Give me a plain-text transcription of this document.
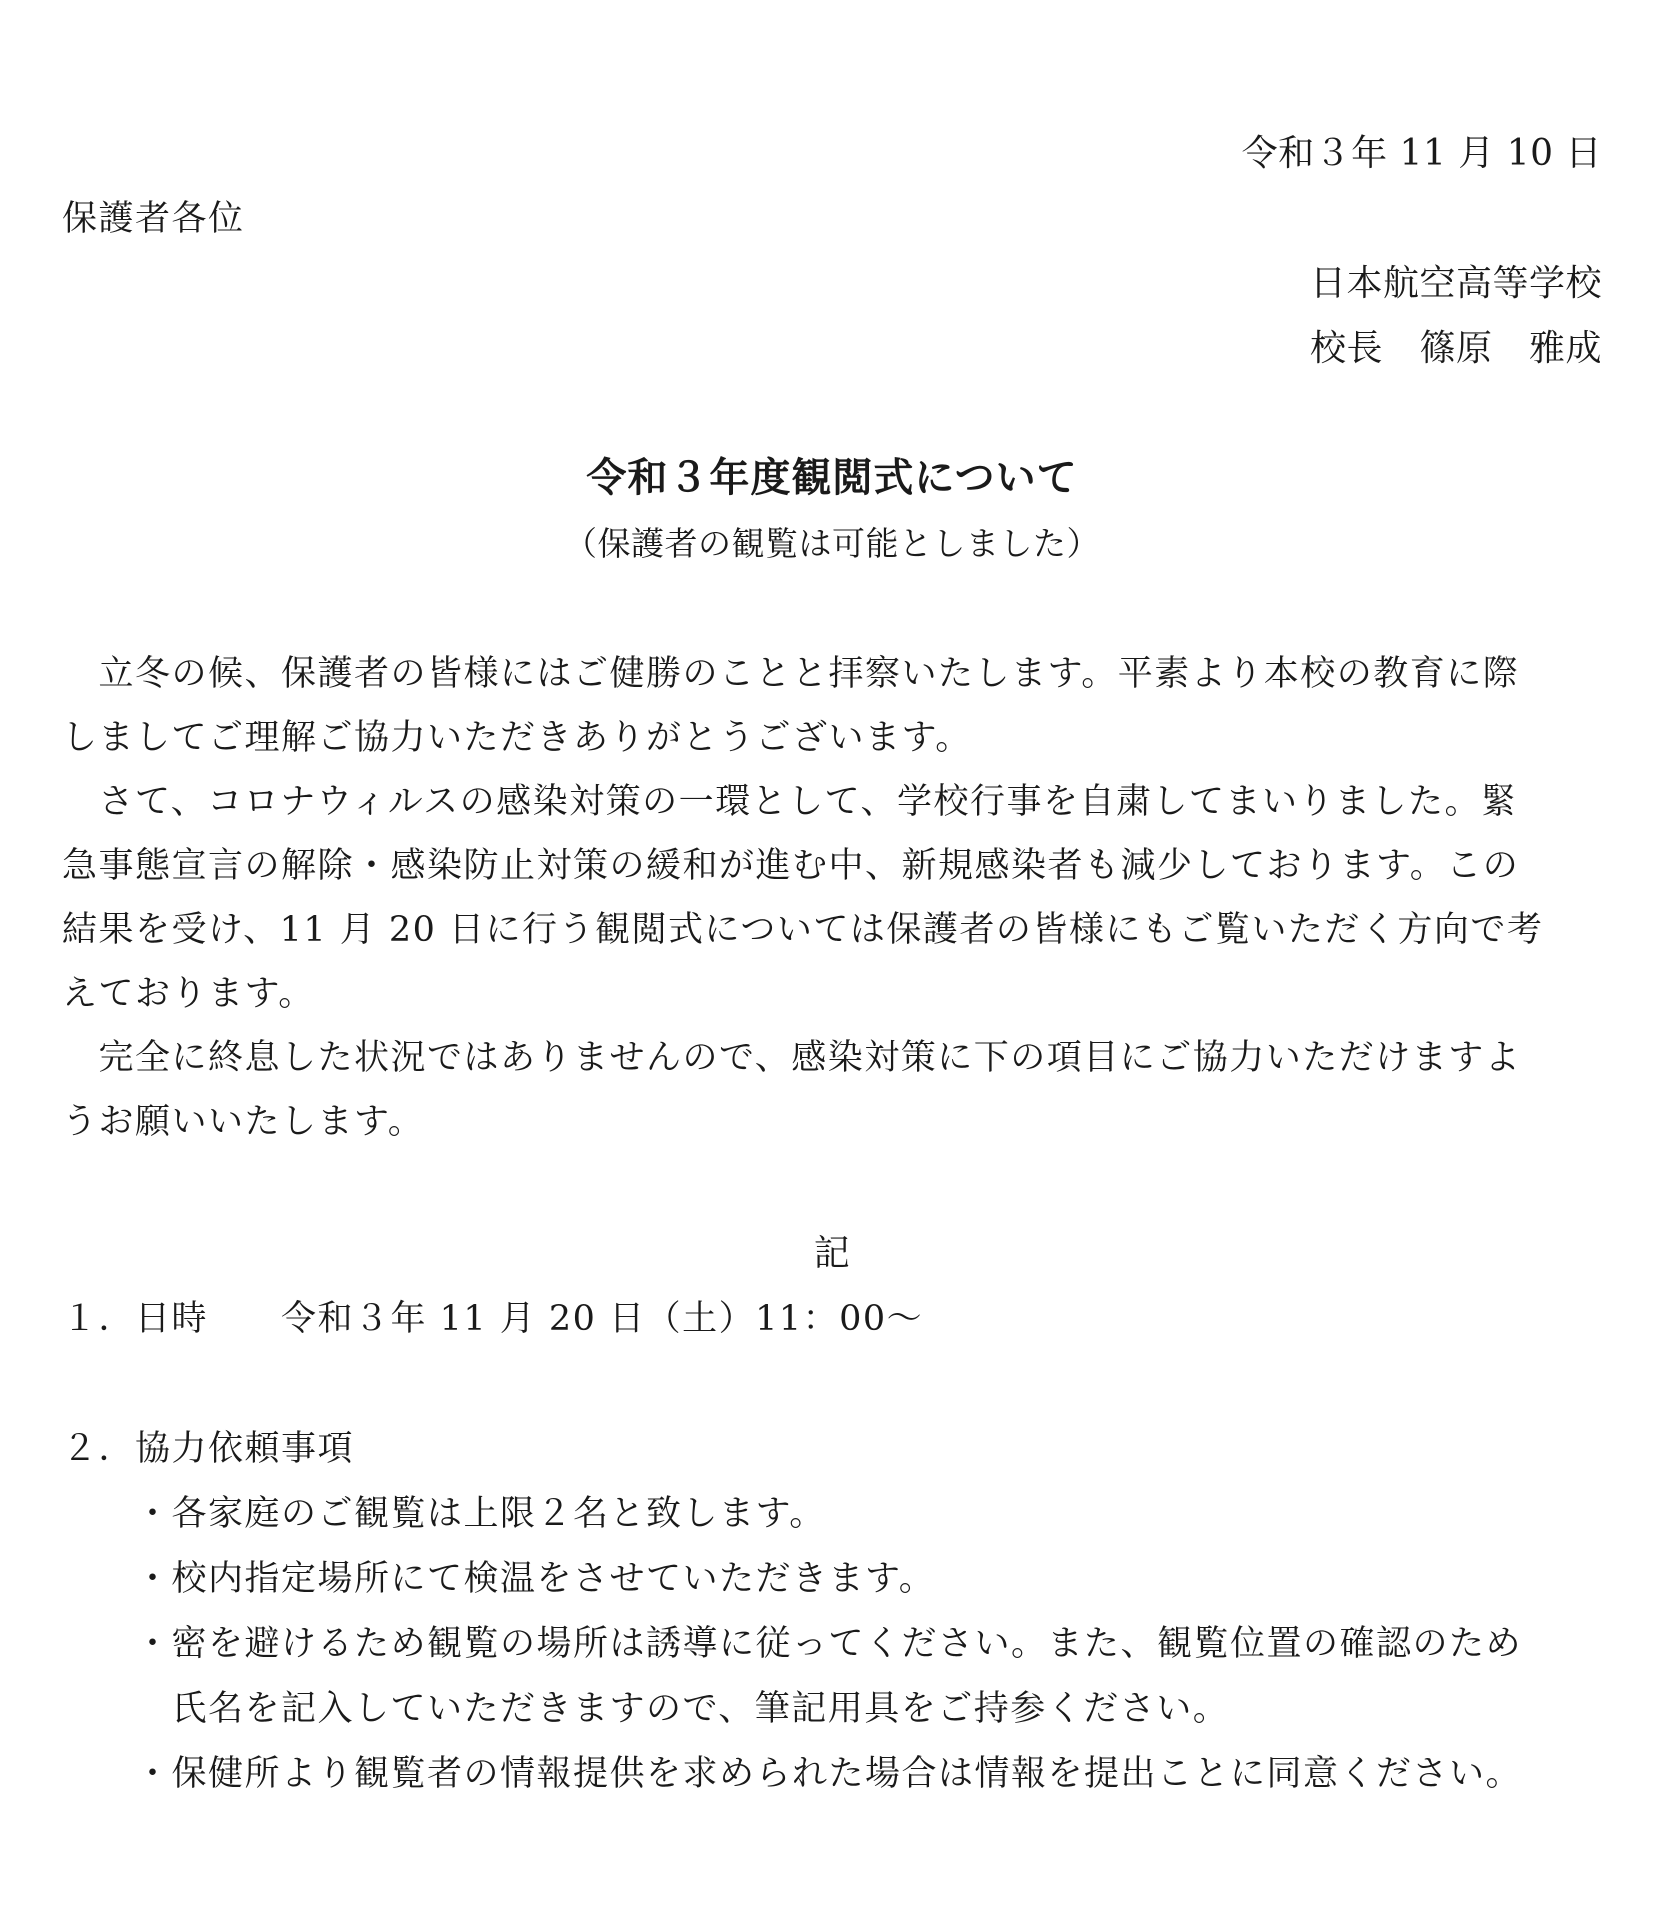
令和３年 11 月 10 日
保護者各位
日本航空高等学校
校長　篠原　雅成
令和３年度観閲式について
（保護者の観覧は可能としました）
　立冬の候、保護者の皆様にはご健勝のことと拝察いたします。平素より本校の教育に際
しましてご理解ご協力いただきありがとうございます。
　さて、コロナウィルスの感染対策の一環として、学校行事を自粛してまいりました。緊
急事態宣言の解除・感染防止対策の緩和が進む中、新規感染者も減少しております。この
結果を受け、11 月 20 日に行う観閲式については保護者の皆様にもご覧いただく方向で考
えております。
　完全に終息した状況ではありませんので、感染対策に下の項目にご協力いただけますよ
うお願いいたします。
記
１．日時　　令和３年 11 月 20 日（土）11：00～
２．協力依頼事項
　　・各家庭のご観覧は上限２名と致します。
　　・校内指定場所にて検温をさせていただきます。
　　・密を避けるため観覧の場所は誘導に従ってください。また、観覧位置の確認のため
　　　氏名を記入していただきますので、筆記用具をご持参ください。
　　・保健所より観覧者の情報提供を求められた場合は情報を提出ことに同意ください。
